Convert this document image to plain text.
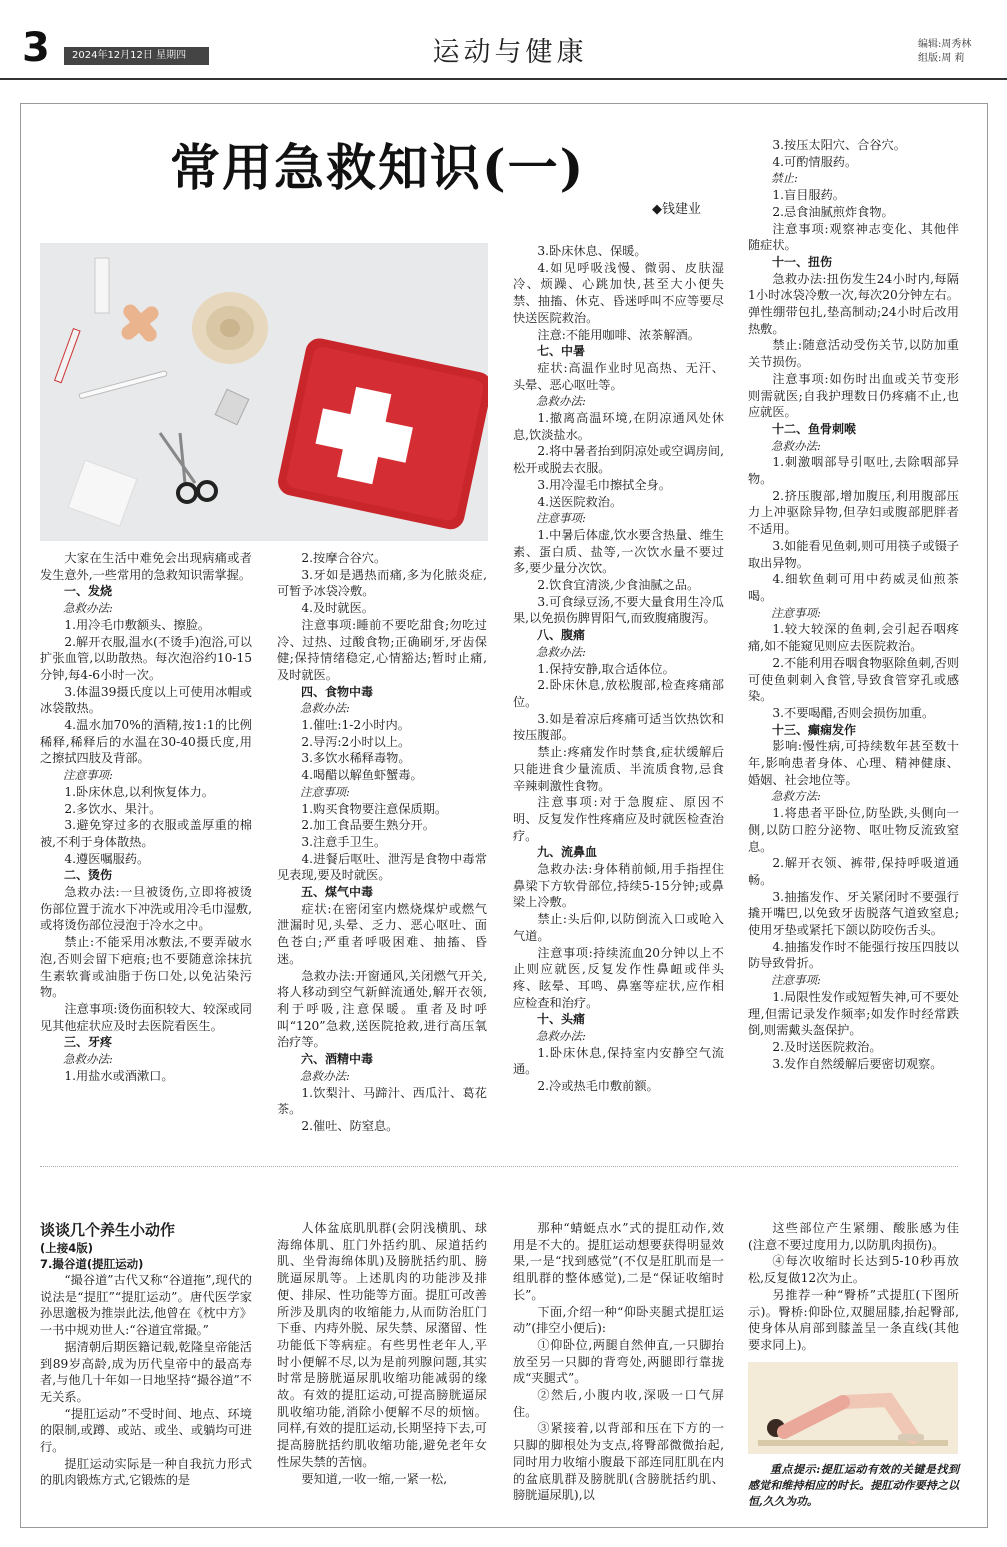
3	2024年12月12日 星期四	运动与健康	编辑:周秀林
组版:周 莉
常用急救知识(一)
◆钱建业

大家在生活中难免会出现病痛或者发生意外,一些常用的急救知识需掌握。

一、发烧

急救办法:

1.用冷毛巾敷额头、擦脸。

2.解开衣服,温水(不烫手)泡浴,可以扩张血管,以助散热。每次泡浴约10-15分钟,每4-6小时一次。

3.体温39摄氏度以上可使用冰帽或冰袋散热。

4.温水加70%的酒精,按1:1的比例稀释,稀释后的水温在30-40摄氏度,用之擦拭四肢及背部。

注意事项:

1.卧床休息,以利恢复体力。

2.多饮水、果汁。

3.避免穿过多的衣服或盖厚重的棉被,不利于身体散热。

4.遵医嘱服药。

二、烫伤

急救办法:一旦被烫伤,立即将被烫伤部位置于流水下冲洗或用冷毛巾湿敷,或将烫伤部位浸泡于冷水之中。

禁止:不能采用冰敷法,不要弄破水泡,否则会留下疤痕;也不要随意涂抹抗生素软膏或油脂于伤口处,以免沾染污物。

注意事项:烫伤面积较大、较深或同见其他症状应及时去医院看医生。

三、牙疼

急救办法:

1.用盐水或酒漱口。

2.按摩合谷穴。

3.牙如是遇热而痛,多为化脓炎症,可暂予冰袋冷敷。

4.及时就医。

注意事项:睡前不要吃甜食;勿吃过冷、过热、过酸食物;正确刷牙,牙齿保健;保持情绪稳定,心情豁达;暂时止痛,及时就医。

四、食物中毒

急救办法:

1.催吐:1-2小时内。

2.导泻:2小时以上。

3.多饮水稀释毒物。

4.喝醋以解鱼虾蟹毒。

注意事项:

1.购买食物要注意保质期。

2.加工食品要生熟分开。

3.注意手卫生。

4.进餐后呕吐、泄泻是食物中毒常见表现,要及时就医。

五、煤气中毒

症状:在密闭室内燃烧煤炉或燃气泄漏时见,头晕、乏力、恶心呕吐、面色苍白;严重者呼吸困难、抽搐、昏迷。

急救办法:开窗通风,关闭燃气开关,将人移动到空气新鲜流通处,解开衣领,利于呼吸,注意保暖。重者及时呼叫“120”急救,送医院抢救,进行高压氧治疗等。

六、酒精中毒

急救办法:

1.饮梨汁、马蹄汁、西瓜汁、葛花茶。

2.催吐、防窒息。

3.卧床休息、保暖。

4.如见呼吸浅慢、微弱、皮肤湿冷、烦躁、心跳加快,甚至大小便失禁、抽搐、休克、昏迷呼叫不应等要尽快送医院救治。

注意:不能用咖啡、浓茶解酒。

七、中暑

症状:高温作业时见高热、无汗、头晕、恶心呕吐等。

急救办法:

1.撤离高温环境,在阴凉通风处休息,饮淡盐水。

2.将中暑者抬到阴凉处或空调房间,松开或脱去衣服。

3.用冷湿毛巾擦拭全身。

4.送医院救治。

注意事项:

1.中暑后体虚,饮水要含热量、维生素、蛋白质、盐等,一次饮水量不要过多,要少量分次饮。

2.饮食宜清淡,少食油腻之品。

3.可食绿豆汤,不要大量食用生冷瓜果,以免损伤脾胃阳气,而致腹痛腹泻。

八、腹痛

急救办法:

1.保持安静,取合适体位。

2.卧床休息,放松腹部,检查疼痛部位。

3.如是着凉后疼痛可适当饮热饮和按压腹部。

禁止:疼痛发作时禁食,症状缓解后只能进食少量流质、半流质食物,忌食辛辣刺激性食物。

注意事项:对于急腹症、原因不明、反复发作性疼痛应及时就医检查治疗。

九、流鼻血

急救办法:身体稍前倾,用手指捏住鼻梁下方软骨部位,持续5-15分钟;或鼻梁上冷敷。

禁止:头后仰,以防倒流入口或呛入气道。

注意事项:持续流血20分钟以上不止则应就医,反复发作性鼻衄或伴头疼、眩晕、耳鸣、鼻塞等症状,应作相应检查和治疗。

十、头痛

急救办法:

1.卧床休息,保持室内安静空气流通。

2.冷或热毛巾敷前额。

3.按压太阳穴、合谷穴。

4.可酌情服药。

禁止:

1.盲目服药。

2.忌食油腻煎炸食物。

注意事项:观察神志变化、其他伴随症状。

十一、扭伤

急救办法:扭伤发生24小时内,每隔1小时冰袋冷敷一次,每次20分钟左右。弹性绷带包扎,垫高制动;24小时后改用热敷。

禁止:随意活动受伤关节,以防加重关节损伤。

注意事项:如伤时出血或关节变形则需就医;自我护理数日仍疼痛不止,也应就医。

十二、鱼骨刺喉

急救办法:

1.刺激咽部导引呕吐,去除咽部异物。

2.挤压腹部,增加腹压,利用腹部压力上冲驱除异物,但孕妇或腹部肥胖者不适用。

3.如能看见鱼刺,则可用筷子或镊子取出异物。

4.细软鱼刺可用中药威灵仙煎茶喝。

注意事项:

1.较大较深的鱼刺,会引起吞咽疼痛,如不能窥见则应去医院救治。

2.不能利用吞咽食物驱除鱼刺,否则可使鱼刺刺入食管,导致食管穿孔或感染。

3.不要喝醋,否则会损伤加重。

十三、癫痫发作

影响:慢性病,可持续数年甚至数十年,影响患者身体、心理、精神健康、婚姻、社会地位等。

急救方法:

1.将患者平卧位,防坠跌,头侧向一侧,以防口腔分泌物、呕吐物反流致窒息。

2.解开衣领、裤带,保持呼吸道通畅。

3.抽搐发作、牙关紧闭时不要强行撬开嘴巴,以免致牙齿脱落气道致窒息;使用牙垫或紧托下颌以防咬伤舌头。

4.抽搐发作时不能强行按压四肢以防导致骨折。

注意事项:

1.局限性发作或短暂失神,可不要处理,但需记录发作频率;如发作时经常跌倒,则需戴头盔保护。

2.及时送医院救治。

3.发作自然缓解后要密切观察。

谈谈几个养生小动作

(上接4版)

7.撮谷道(提肛运动)

“撮谷道”古代又称“谷道拖”,现代的说法是“提肛”“提肛运动”。唐代医学家孙思邈极为推崇此法,他曾在《枕中方》一书中规劝世人:“谷道宜常撮。”

据清朝后期医籍记载,乾隆皇帝能活到89岁高龄,成为历代皇帝中的最高寿者,与他几十年如一日地坚持“撮谷道”不无关系。

“提肛运动”不受时间、地点、环境的限制,或蹲、或站、或坐、或躺均可进行。

提肛运动实际是一种自我抗力形式的肌肉锻炼方式,它锻炼的是

人体盆底肌肌群(会阴浅横肌、球海绵体肌、肛门外括约肌、尿道括约肌、坐骨海绵体肌)及膀胱括约肌、膀胱逼尿肌等。上述肌肉的功能涉及排便、排尿、性功能等方面。提肛可改善所涉及肌肉的收缩能力,从而防治肛门下垂、内痔外脱、尿失禁、尿潴留、性功能低下等病症。有些男性老年人,平时小便解不尽,以为是前列腺问题,其实时常是膀胱逼尿肌收缩功能减弱的缘故。有效的提肛运动,可提高膀胱逼尿肌收缩功能,消除小便解不尽的烦恼。同样,有效的提肛运动,长期坚持下去,可提高膀胱括约肌收缩功能,避免老年女性尿失禁的苦恼。

要知道,一收一缩,一紧一松,

那种“蜻蜓点水”式的提肛动作,效用是不大的。提肛运动想要获得明显效果,一是“找到感觉”(不仅是肛肌而是一组肌群的整体感觉),二是“保证收缩时长”。

下面,介绍一种“仰卧夹腿式提肛运动”(排空小便后):

①仰卧位,两腿自然伸直,一只脚抬放至另一只脚的背弯处,两腿即行靠拢成“夹腿式”。

②然后,小腹内收,深吸一口气屏住。

③紧接着,以背部和压在下方的一只脚的脚根处为支点,将臀部微微抬起,同时用力收缩小腹最下部连同肛肌在内的盆底肌群及膀胱肌(含膀胱括约肌、膀胱逼尿肌),以

这些部位产生紧绷、酸胀感为佳(注意不要过度用力,以防肌肉损伤)。

④每次收缩时长达到5-10秒再放松,反复做12次为止。

另推荐一种“臀桥”式提肛(下图所示)。臀桥:仰卧位,双腿屈膝,抬起臀部,使身体从肩部到膝盖呈一条直线(其他要求同上)。

重点提示:提肛运动有效的关键是找到感觉和维持相应的时长。提肛动作要持之以恒,久久为功。
